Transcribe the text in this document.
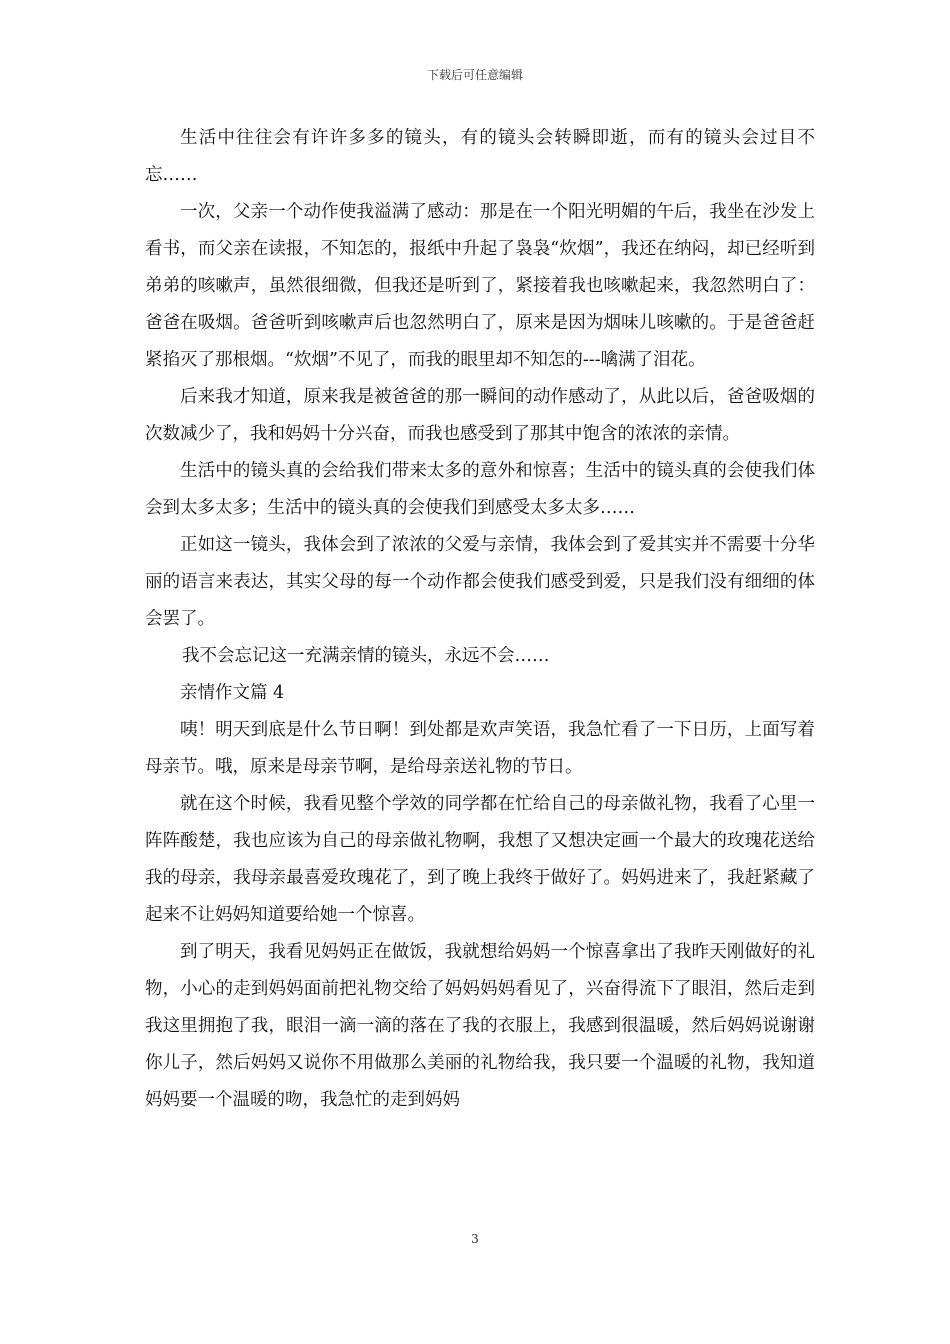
下载后可任意编辑

生活中往往会有许许多多的镜头，有的镜头会转瞬即逝，而有的镜头会过目不忘……

一次，父亲一个动作使我溢满了感动：那是在一个阳光明媚的午后，我坐在沙发上看书，而父亲在读报，不知怎的，报纸中升起了袅袅“炊烟”，我还在纳闷，却已经听到弟弟的咳嗽声，虽然很细微，但我还是听到了，紧接着我也咳嗽起来，我忽然明白了：爸爸在吸烟。爸爸听到咳嗽声后也忽然明白了，原来是因为烟味儿咳嗽的。于是爸爸赶紧掐灭了那根烟。“炊烟”不见了，而我的眼里却不知怎的---噙满了泪花。

后来我才知道，原来我是被爸爸的那一瞬间的动作感动了，从此以后，爸爸吸烟的次数减少了，我和妈妈十分兴奋，而我也感受到了那其中饱含的浓浓的亲情。

生活中的镜头真的会给我们带来太多的意外和惊喜；生活中的镜头真的会使我们体会到太多太多；生活中的镜头真的会使我们到感受太多太多……

正如这一镜头，我体会到了浓浓的父爱与亲情，我体会到了爱其实并不需要十分华丽的语言来表达，其实父母的每一个动作都会使我们感受到爱，只是我们没有细细的体会罢了。

我不会忘记这一充满亲情的镜头，永远不会……

亲情作文篇 4

咦！明天到底是什么节日啊！到处都是欢声笑语，我急忙看了一下日历，上面写着母亲节。哦，原来是母亲节啊，是给母亲送礼物的节日。

就在这个时候，我看见整个学效的同学都在忙给自己的母亲做礼物，我看了心里一阵阵酸楚，我也应该为自己的母亲做礼物啊，我想了又想决定画一个最大的玫瑰花送给我的母亲，我母亲最喜爱玫瑰花了，到了晚上我终于做好了。妈妈进来了，我赶紧藏了起来不让妈妈知道要给她一个惊喜。

到了明天，我看见妈妈正在做饭，我就想给妈妈一个惊喜拿出了我昨天刚做好的礼物，小心的走到妈妈面前把礼物交给了妈妈妈妈看见了，兴奋得流下了眼泪，然后走到我这里拥抱了我，眼泪一滴一滴的落在了我的衣服上，我感到很温暖，然后妈妈说谢谢你儿子，然后妈妈又说你不用做那么美丽的礼物给我，我只要一个温暖的礼物，我知道妈妈要一个温暖的吻，我急忙的走到妈妈

3
